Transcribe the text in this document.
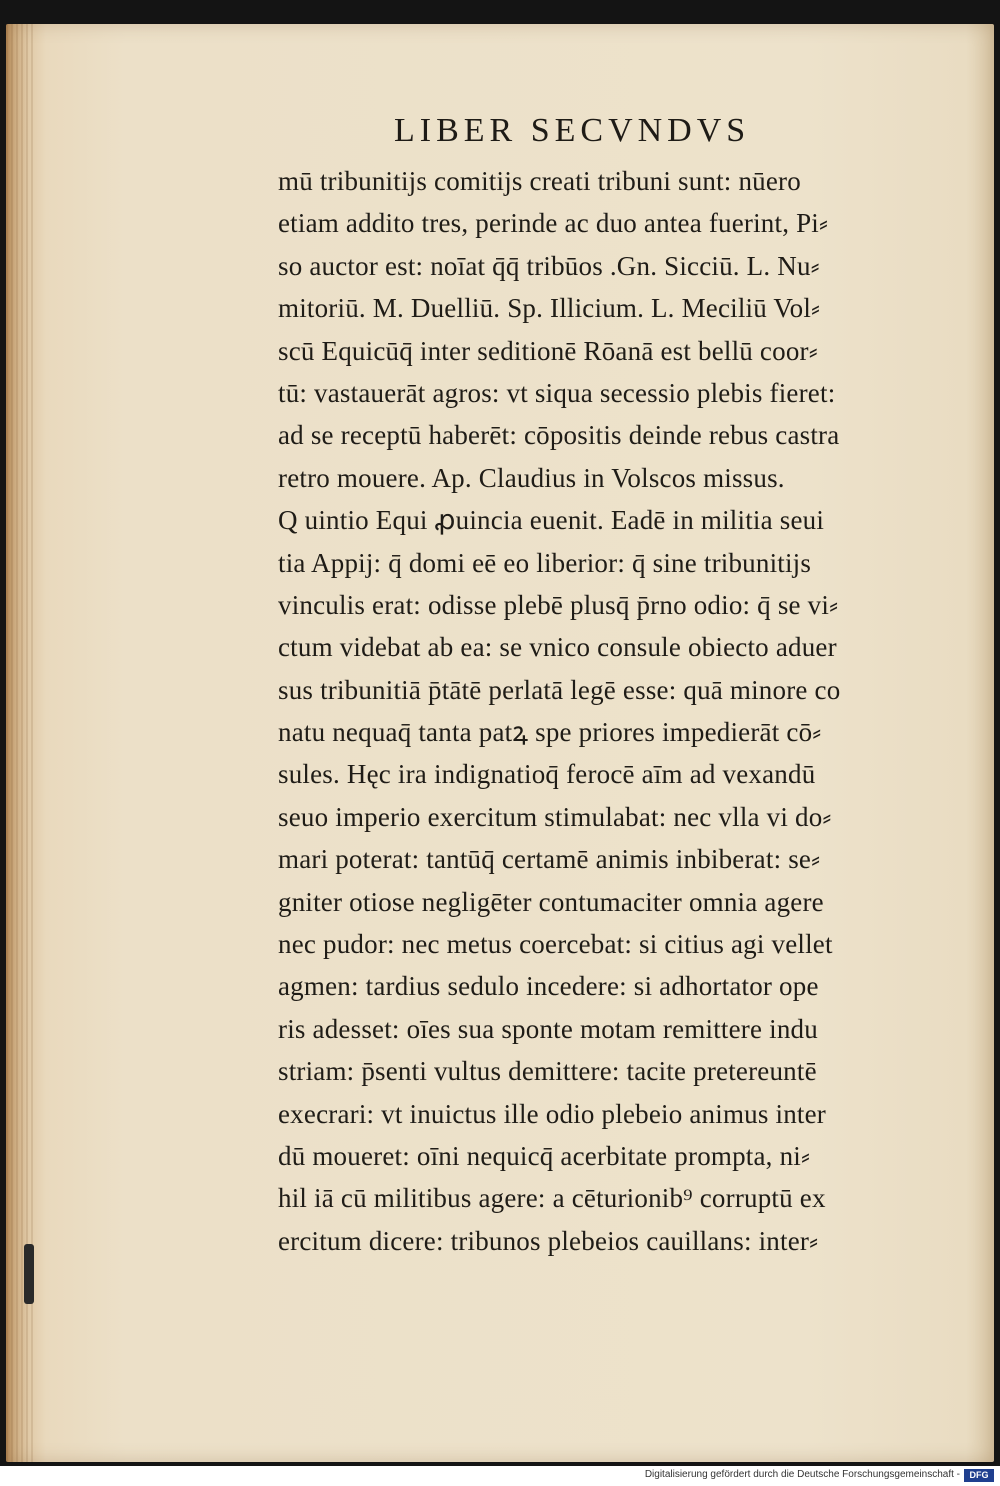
LIBER SECVNDVS
mū tribunitijs comitijs creati tribuni sunt: nūero
etiam addito tres, perinde ac duo antea fuerint, Pi⸗
so auctor est: noīat q̄q̄ tribūos .Gn. Sicciū. L. Nu⸗
mitoriū. M. Duelliū. Sp. Illicium. L. Meciliū Vol⸗
scū Equicūq̄ inter seditionē Rōanā est bellū coor⸗
tū: vastauerāt agros: vt siqua secessio plebis fieret:
ad se receptū haberēt: cōpositis deinde rebus castra
retro mouere. Ap. Claudius in Volscos missus.
Q uintio Equi ꝓuincia euenit. Eadē in militia seui
tia Appij: q̄ domi eē eo liberior: q̄ sine tribunitijs
vinculis erat: odisse plebē plusq̄ p̄rno odio: q̄ se vi⸗
ctum videbat ab ea: se vnico consule obiecto aduer
sus tribunitiā p̄tātē perlatā legē esse: quā minore co
natu nequaq̄ tanta patꝝ spe priores impedierāt cō⸗
sules. Hęc ira indignatioq̄ ferocē aīm ad vexandū
seuo imperio exercitum stimulabat: nec vlla vi do⸗
mari poterat: tantūq̄ certamē animis inbiberat: se⸗
gniter otiose negligēter contumaciter omnia agere
nec pudor: nec metus coercebat: si citius agi vellet
agmen: tardius sedulo incedere: si adhortator ope
ris adesset: oīes sua sponte motam remittere indu
striam: p̄senti vultus demittere: tacite pretereuntē
execrari: vt inuictus ille odio plebeio animus inter
dū moueret: oīni nequicq̄ acerbitate prompta, ni⸗
hil iā cū militibus agere: a cēturionib⁹ corruptū ex
ercitum dicere: tribunos plebeios cauillans: inter⸗
Digitalisierung gefördert durch die Deutsche Forschungsgemeinschaft -	DFG
